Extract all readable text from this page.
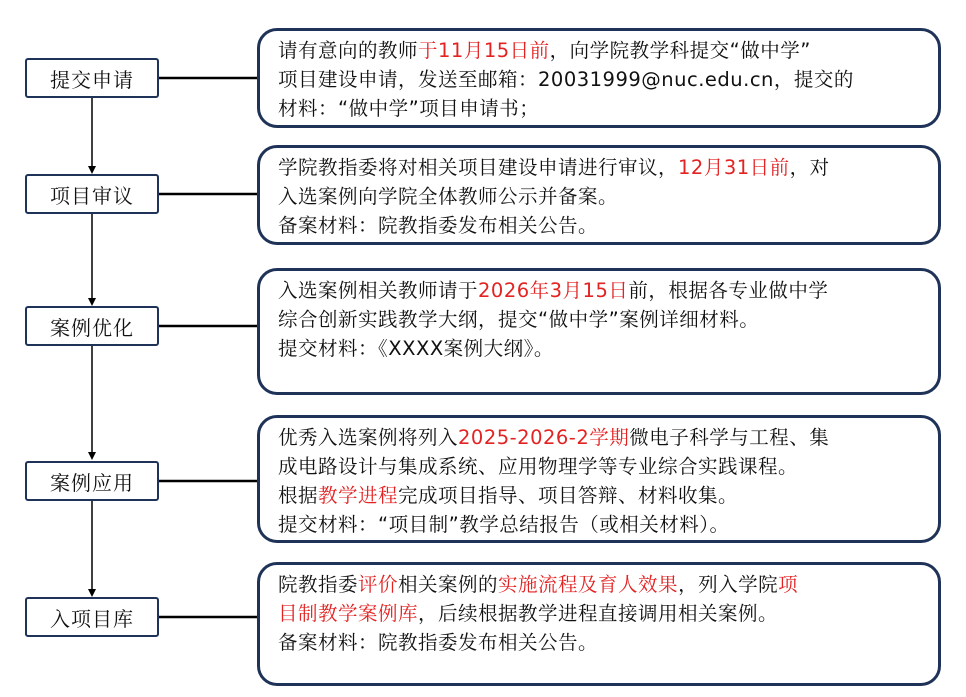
提交申请
项目审议
案例优化
案例应用
入项目库

请有意向的教师于11月15日前，向学院教学科提交“做中学”

项目建设申请，发送至邮箱：20031999@nuc.edu.cn，提交的

材料：“做中学”项目申请书；

学院教指委将对相关项目建设申请进行审议，12月31日前，对

入选案例向学院全体教师公示并备案。

备案材料：院教指委发布相关公告。

入选案例相关教师请于2026年3月15日前，根据各专业做中学

综合创新实践教学大纲，提交“做中学”案例详细材料。

提交材料：《XXXX案例大纲》。

优秀入选案例将列入2025-2026-2学期微电子科学与工程、集

成电路设计与集成系统、应用物理学等专业综合实践课程。

根据教学进程完成项目指导、项目答辩、材料收集。

提交材料：“项目制”教学总结报告（或相关材料）。

院教指委评价相关案例的实施流程及育人效果，列入学院项

目制教学案例库，后续根据教学进程直接调用相关案例。

备案材料：院教指委发布相关公告。
